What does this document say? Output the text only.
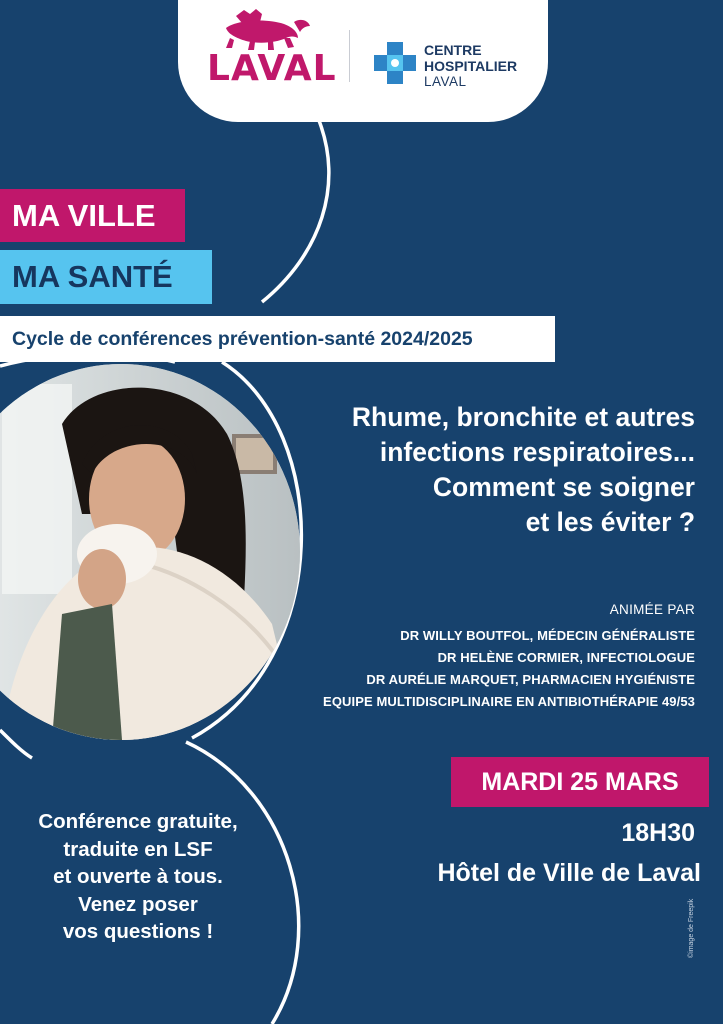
LAVAL	CENTRE
HOSPITALIER
LAVAL
MA VILLE
MA SANTÉ
Cycle de conférences prévention-santé 2024/2025
Rhume, bronchite et autres
infections respiratoires...
Comment se soigner
et les éviter ?
ANIMÉE PAR
DR WILLY BOUTFOL, MÉDECIN GÉNÉRALISTE
DR HELÈNE CORMIER, INFECTIOLOGUE
DR AURÉLIE MARQUET, PHARMACIEN HYGIÉNISTE
EQUIPE MULTIDISCIPLINAIRE EN ANTIBIOTHÉRAPIE 49/53
MARDI 25 MARS
18H30
Hôtel de Ville de Laval
Conférence gratuite,
traduite en LSF
et ouverte à tous.
Venez poser
vos questions !	©image de Freepik
